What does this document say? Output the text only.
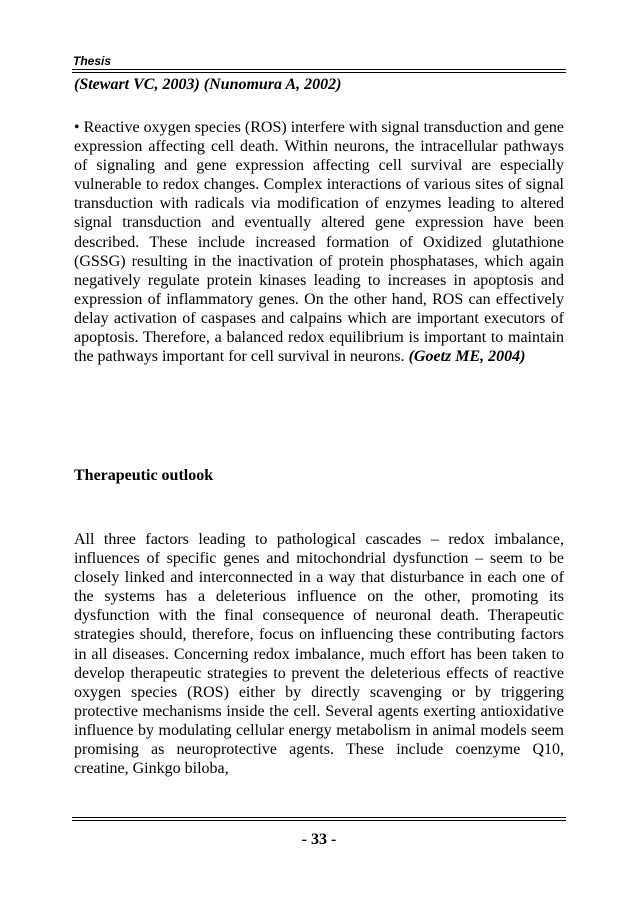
Thesis
(Stewart VC, 2003) (Nunomura A, 2002)

• Reactive oxygen species (ROS) interfere with signal transduction and gene expression affecting cell death. Within neurons, the intracellular pathways of signaling and gene expression affecting cell survival are especially vulnerable to redox changes. Complex interactions of various sites of signal transduction with radicals via modification of enzymes leading to altered signal transduction and eventually altered gene expression have been described. These include increased formation of Oxidized glutathione (GSSG) resulting in the inactivation of protein phosphatases, which again negatively regulate protein kinases leading to increases in apoptosis and expression of inflammatory genes. On the other hand, ROS can effectively delay activation of caspases and calpains which are important executors of apoptosis. Therefore, a balanced redox equilibrium is important to maintain the pathways important for cell survival in neurons. (Goetz ME, 2004)

Therapeutic outlook

All three factors leading to pathological cascades – redox imbalance, influences of specific genes and mitochondrial dysfunction – seem to be closely linked and interconnected in a way that disturbance in each one of the systems has a deleterious influence on the other, promoting its dysfunction with the final consequence of neuronal death. Therapeutic strategies should, therefore, focus on influencing these contributing factors in all diseases. Concerning redox imbalance, much effort has been taken to develop therapeutic strategies to prevent the deleterious effects of reactive oxygen species (ROS) either by directly scavenging or by triggering protective mechanisms inside the cell. Several agents exerting antioxidative influence by modulating cellular energy metabolism in animal models seem promising as neuroprotective agents. These include coenzyme Q10, creatine, Ginkgo biloba,

- 33 -
